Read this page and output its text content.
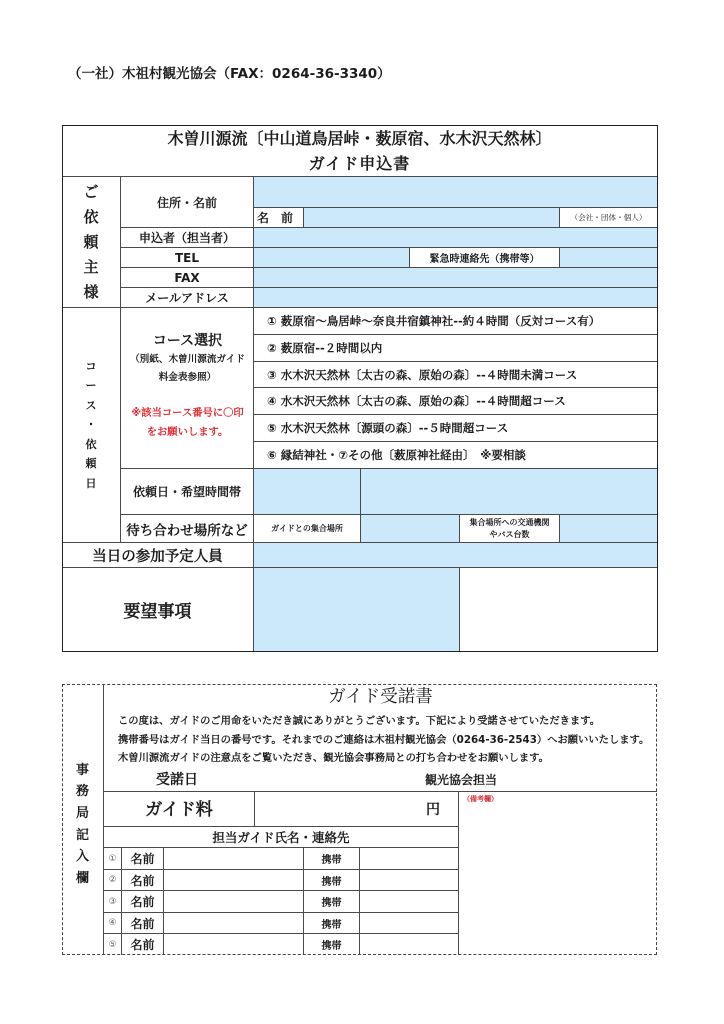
（一社）木祖村観光協会（FAX：0264-36-3340）
木曽川源流〔中山道鳥居峠・薮原宿、水木沢天然林〕
ガイド申込書
ご
依
頼
主
様
住所・名前
名　前	（会社・団体・個人）
申込者（担当者）
TEL	緊急時連絡先（携帯等）
FAX
メールアドレス
コ
ー
ス
・
依
頼
日
コース選択
（別紙、木曽川源流ガイド
料金表参照）
※該当コース番号に〇印
をお願いします。
① 薮原宿～鳥居峠～奈良井宿鎮神社--約４時間（反対コース有）
② 薮原宿--２時間以内
③ 水木沢天然林〔太古の森、原始の森〕--４時間未満コース
④ 水木沢天然林〔太古の森、原始の森〕--４時間超コース
⑤ 水木沢天然林〔源頭の森〕--５時間超コース
⑥ 縁結神社・⑦その他〔薮原神社経由〕　※要相談
依頼日・希望時間帯
待ち合わせ場所など	ガイドとの集合場所
集合場所への交通機関
やバス台数
当日の参加予定人員
要望事項
事
務
局
記
入
欄
ガイド受諾書
この度は、ガイドのご用命をいただき誠にありがとうございます。下記により受諾させていただきます。
携帯番号はガイド当日の番号です。それまでのご連絡は木祖村観光協会（0264-36-2543）へお願いいたします。
木曽川源流ガイドの注意点をご覧いただき、観光協会事務局との打ち合わせをお願いします。
受諾日	観光協会担当
ガイド料	円
（備考欄）
担当ガイド氏名・連絡先
①	名前	携帯
②	名前	携帯
③	名前	携帯
④	名前	携帯
⑤	名前	携帯
